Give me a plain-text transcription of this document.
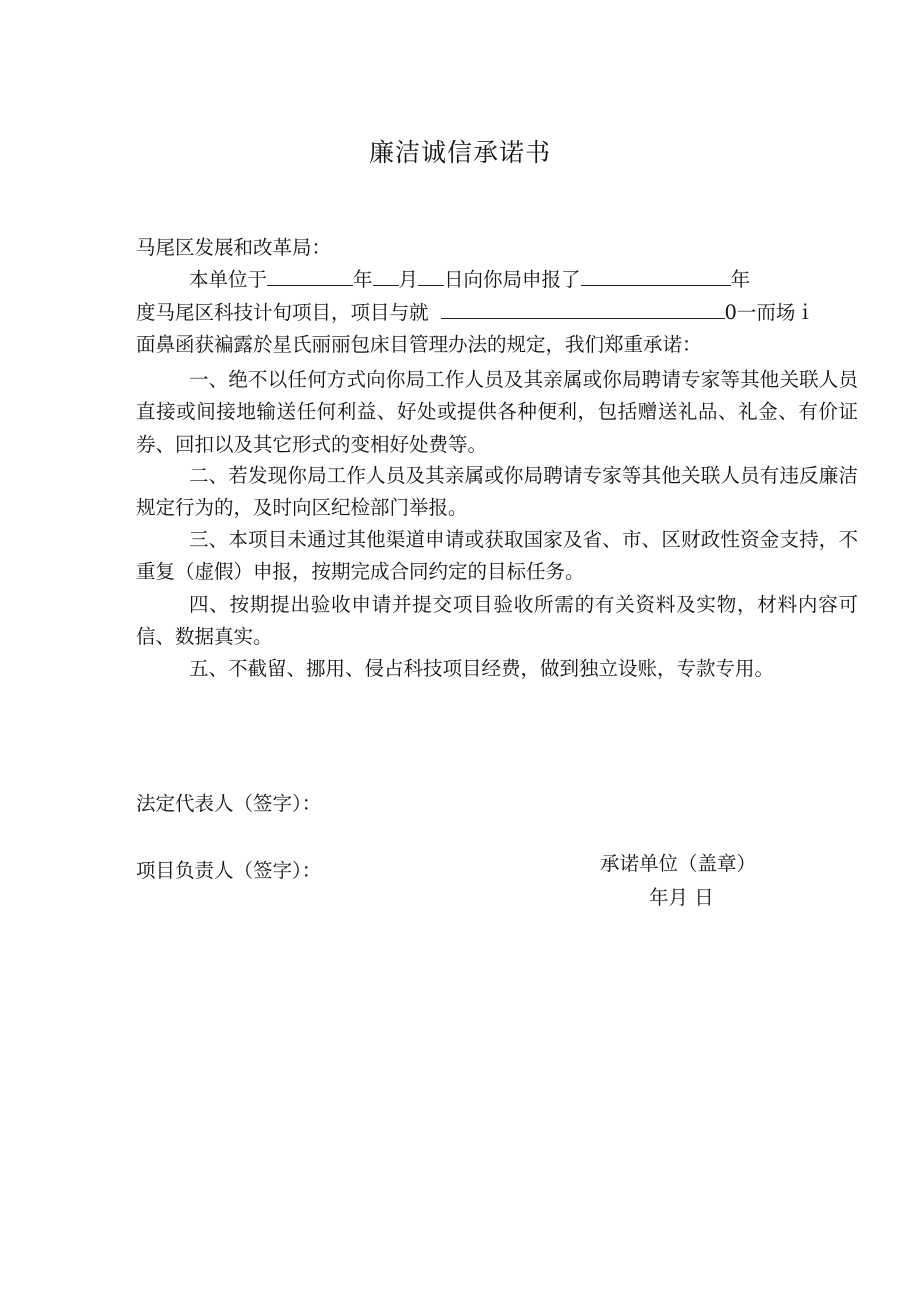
廉洁诚信承诺书
马尾区发展和改革局：
本单位于	年 月 日向你局申报了	年
度马尾区科技计旬项目，项目与就	0一而场ｉ
面鼻函获褊露於星氏丽丽包床目管理办法的规定，我们郑重承诺：
一、绝不以任何方式向你局工作人员及其亲属或你局聘请专家等其他关联人员直接或间接地输送任何利益、好处或提供各种便利，包括赠送礼品、礼金、有价证券、回扣以及其它形式的变相好处费等。
二、若发现你局工作人员及其亲属或你局聘请专家等其他关联人员有违反廉洁规定行为的，及时向区纪检部门举报。
三、本项目未通过其他渠道申请或获取国家及省、市、区财政性资金支持，不重复（虚假）申报，按期完成合同约定的目标任务。
四、按期提出验收申请并提交项目验收所需的有关资料及实物，材料内容可信、数据真实。
五、不截留、挪用、侵占科技项目经费，做到独立设账，专款专用。
法定代表人（签字）：
项目负责人（签字）：	承诺单位（盖章）
年月 日
